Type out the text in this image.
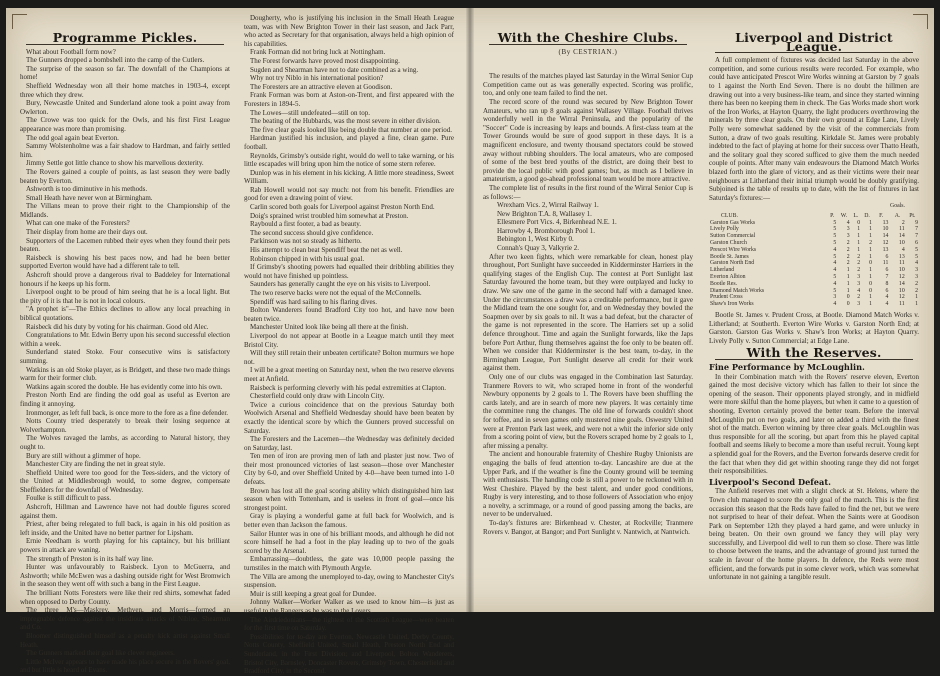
Programme Pickles.

What about Football form now?

The Gunners dropped a bombshell into the camp of the Cutlers.

The surprise of the season so far. The downfall of the Champions at home!

Sheffield Wednesday won all their home matches in 1903-4, except three which they drew.

Bury, Newcastle United and Sunderland alone took a point away from Owlerton.

The Crowe was too quick for the Owls, and his first First League appearance was more than promising.

The odd goal again beat Everton.

Sammy Wolstenholme was a fair shadow to Hardman, and fairly settled him.

Jimmy Settle got little chance to show his marvellous dexterity.

The Rovers gained a couple of points, as last season they were badly beaten by Everton.

Ashworth is too diminutive in his methods.

Small Heath have never won at Birmingham.

The Villans mean to prove their right to the Championship of the Midlands.

What can one make of the Foresters?

Their display from home are their days out.

Supporters of the Lacemen rubbed their eyes when they found their pets beaten.

Raisbeck is showing his best paces now, and had he been better supported Everton would have had a different tale to tell.

Ashcroft should prove a dangerous rival to Baddeley for International honours if he keeps up his form.

Liverpool ought to be proud of him seeing that he is a local light. But the pity of it is that he is not in local colours.

"A prophet is"—The Ethics declines to allow any local preaching in biblical quotations.

Raisbeck did his duty by voting for his chairman. Good old Alec.

Congratulations to Mr. Edwin Berry upon his second successful election within a week.

Sunderland stated Stoke. Four consecutive wins is satisfactory summing.

Watkins is an old Stoke player, as is Bridgett, and these two made things warm for their former club.

Watkins again scored the double. He has evidently come into his own.

Preston North End are finding the odd goal as useful as Everton are finding it annoying.

Ironmonger, as left full back, is once more to the fore as a fine defender.

Notts County tried desperately to break their losing sequence at Wolverhampton.

The Wolves ravaged the lambs, as according to Natural history, they ought to.

Bury are still without a glimmer of hope.

Manchester City are finding the net in great style.

Sheffield United were too good for the Tees-siders, and the victory of the United at Middlesbrough would, to some degree, compensate Sheffielders for the downfall of Wednesday.

Foulke is still difficult to pass.

Ashcroft, Hillman and Lawrence have not had double figures scored against them.

Priest, after being relegated to full back, is again in his old position as left inside, and the United have no better partner for Lipsham.

Ernie Needham is worth playing for his captaincy, but his brilliant powers in attack are waning.

The strength of Preston is in its half way line.

Hunter was unfavourably to Raisbeck. Lyon to McGuerra, and Ashworth; while McEwen was a dashing outside right for West Bromwich in the season they went off with such a bang in the First League.

The brilliant Notts Foresters were like their red shirts, somewhat faded when opposed to Derby County.

The three M's—Maskrey, Methven, and Morris—formed an impregnable defence against the insidious attacks of Nibloe, Shearman and Co.

Bloomer distinguished himself as a penalty kick artist against Small Heath.

The Gunners marked their goal like clever engineers.

Little McIver appears to have made his place secure in the Rovers' goal, and but little is heard of Evans.

Dougherty, who is justifying his inclusion in the Small Heath League team, was with New Brighton Tower in their last season, and Jack Parr, who acted as Secretary for that organisation, always held a high opinion of his capabilities.

Frank Forman did not bring luck at Nottingham.

The Forest forwards have proved most disappointing.

Sugden and Shearman have not to date combined as a wing.

Why not try Niblo in his international position?

The Foresters are an attractive eleven at Goodison.

Frank Forman was born at Aston-on-Trent, and first appeared with the Foresters in 1894-5.

The Lowes—still undefeated—still on top.

The beating of the Hubbards, was the most severe in either division.

The five clear goals looked like being double that number at one period.

Hardman justified his inclusion, and played a fine, clean game. Pure football.

Reynolds, Grimsby's outside right, would do well to take warning, or his little escapades will bring upon him the notice of some stern referee.

Dunlop was in his element in his kicking. A little more steadiness, Sweet William.

Rab Howell would not say much: not from his benefit. Friendlies are good for even a drawing point of view.

Carlin scored both goals for Liverpool against Preston North End.

Doig's sprained wrist troubled him somewhat at Preston.

Raybould a first footer, a bad as beauty.

The second success should give confidence.

Parkinson was not so steady as hitherto.

His attempt to clean beat Spendiff beat the net as well.

Robinson chipped in with his usual goal.

If Grimsby's shooting powers had equalled their dribbling abilities they would not have finished up pointless.

Saunders has generally caught the eye on his visits to Liverpool.

The two reserve backs were not the equal of the McConnells.

Spendiff was hard sailing to his flaring dives.

Bolton Wanderers found Bradford City too hot, and have now been beaten twice.

Manchester United look like being all there at the finish.

Liverpool do not appear at Bootle in a League match until they meet Bristol City.

Will they still retain their unbeaten certificate? Bolton murmurs we hope not.

I will be a great meeting on Saturday next, when the two reserve elevens meet at Anfield.

Raisbeck is performing cleverly with his pedal extremities at Clapton.

Chesterfield could only draw with Lincoln City.

Twice a curious coincidence that on the previous Saturday both Woolwich Arsenal and Sheffield Wednesday should have been beaten by exactly the identical score by which the Gunners proved successful on Saturday.

The Foresters and the Lacemen—the Wednesday was definitely decided on Saturday, last.

Ten men of iron are proving men of lath and plaster just now. Two of their most pronounced victories of last season—those over Manchester City by 6-0, and over Sheffield United by 4-0—have been turned into 1-0 defeats.

Brown has lost all the goal scoring ability which distinguished him last season when with Tottenham, and is useless in front of goal—once his strongest point.

Gray is playing a wonderful game at full back for Woolwich, and is better even than Jackson the famous.

Sailor Hunter was in one of his brilliant moods, and although he did not score himself he had a foot in the play leading up to two of the goals scored by the Arsenal.

Embarrassing—doubtless, the gate was 10,000 people passing the turnstiles in the match with Plymouth Argyle.

The Villa are among the unemployed to-day, owing to Manchester City's suspension.

Muir is still keeping a great goal for Dundee.

Johnny Walker—Worker Walker as we used to know him—is just as useful to the Rangers as he was to the Lovers.

The Airdriedonians—the tightest of the Scottish League—were beaten for the first time on Saturday.

Possibilities for to-day are Everton, Newcastle United, Derby County, Notts County, Sheffield United, Small Heath, Preston North End and Sunderland, in the First Division; and Liverpool, Bolton Wanderers, Bristol City, Barnsley, Doncaster Rovers, Grimsby Town, Chesterfield and Bradford City, in the Second.

With the Cheshire Clubs.
(By CESTRIAN.)

The results of the matches played last Saturday in the Wirral Senior Cup Competition came out as was generally expected. Scoring was prolific, too, and only one team failed to find the net.

The record score of the round was secured by New Brighton Tower Amateurs, who ran up 8 goals against Wallasey Village. Football thrives wonderfully well in the Wirral Peninsula, and the popularity of the "Soccer" Code is increasing by leaps and bounds. A first-class team at the Tower Grounds would be sure of good support in these days. It is a magnificent enclosure, and twenty thousand spectators could be stowed away without rubbing shoulders. The local amateurs, who are composed of some of the best bred youths of the district, are doing their best to provide the local public with good games; but, as much as I believe in amateurism, a good go-ahead professional team would be more attractive.

The complete list of results in the first round of the Wirral Senior Cup is as follows:—

Wrexham Vics. 2, Wirral Railway 1.

New Brighton T.A. 8, Wallasey 1.

Ellesmere Port Vics. 4, Birkenhead N.E. 1.

Harrowby 4, Bromborough Pool 1.

Bebington 1, West Kirby 0.

Connah's Quay 3, Valkyrie 2.

After two keen fights, which were remarkable for clean, honest play throughout, Port Sunlight have succeeded in Kidderminster Harriers in the qualifying stages of the English Cup. The contest at Port Sunlight last Saturday favoured the home team, but they were outplayed and lucky to draw. We saw one of the game in the second half with a damaged knee. Under the circumstances a draw was a creditable performance, but it gave the Midland team the one sought for, and on Wednesday they bowled the Soapmen over by six goals to nil. It was a bad defeat, but the character of the game is not represented in the score. The Harriers set up a solid defence throughout. Time and again the Sunlight forwards, like the Japs before Port Arthur, flung themselves against the foe only to be beaten off. When we consider that Kidderminster is the best team, to-day, in the Birmingham League, Port Sunlight deserve all credit for their work against them.

Only one of our clubs was engaged in the Combination last Saturday. Tranmere Rovers to wit, who scraped home in front of the wonderful Newbury opponents by 2 goals to 1. The Rovers have been shuffling the cards lately, and are in search of more new players. It was certainly time the committee rung the changes. The old line of forwards couldn't shoot for toffee, and in seven games only mustered nine goals. Oswestry United were at Prenton Park last week, and were not a whit the inferior side only from a scoring point of view, but the Rovers scraped home by 2 goals to 1, after missing a penalty.

The ancient and honourable fraternity of Cheshire Rugby Unionists are engaging the balls of feud attention to-day. Lancashire are due at the Upper Park, and if the weather is fine the County ground will be teeming with enthusiasts. The handling code is still a power to be reckoned with in West Cheshire. Played by the best talent, and under good conditions, Rugby is very interesting, and to those followers of Association who enjoy a novelty, a scrimmage, or a round of good passing among the backs, are never to be undervalued.

To-day's fixtures are: Birkenhead v. Chester, at Rockville; Tranmere Rovers v. Bangor, at Bangor; and Port Sunlight v. Nantwich, at Nantwich.

Liverpool and District League.

A full complement of fixtures was decided last Saturday in the above competition, and some curious results were recorded. For example, who could have anticipated Prescot Wire Works winning at Garston by 7 goals to 1 against the North End Seven. There is no doubt the hillmen are drawing out into a very business-like team, and since they started winning there has been no keeping them in check. The Gas Works made short work of the Iron Works, at Hayton Quarry, the light producers overthrowing the minerals by three clear goals. On their own ground at Edge Lane, Lively Polly were somewhat saddened by the visit of the commercials from Sutton, a draw of two goals resulting. Kirkdale St. James were probably indebted to the fact of playing at home for their success over Thatto Heath, and the solitary goal they scored sufficed to give them the much needed couple of points. After many vain endeavours the Diamond Match Works blazed forth into the glare of victory, and as their victims were their near neighbours at Litherland their initial triumph would be doubly gratifying. Subjoined is the table of results up to date, with the list of fixtures in last Saturday's fixtures:—

Goals.
CLUB.	P.	W.	L.	D.	F.	A.	Pt.
Garston Gas Works	5	4	0	1	13	2	9
Lively Polly	5	3	1	1	10	11	7
Sutton Commercial	5	3	1	1	14	14	7
Garston Church	5	2	1	2	12	10	6
Prescot Wire Works	4	2	1	1	13	4	5
Bootle St. James	5	2	2	1	6	13	5
Garston North End	4	2	2	0	11	11	4
Litherland	4	1	2	1	6	10	3
Everton Albion	5	1	3	1	7	12	3
Bootle Res.	4	1	3	0	8	14	2
Diamond Match Works	5	1	4	0	6	10	2
Prudent Cross	3	0	2	1	4	12	1
Shaw's Iron Works	4	0	3	1	4	11	1

Bootle St. James v. Prudent Cross, at Bootle. Diamond Match Works v. Litherland; at Southerth. Everton Wire Works v. Garston North End; at Garston. Garston Gas Works v. Shaw's Iron Works; at Hayton Quarry. Lively Polly v. Sutton Commercial; at Edge Lane.

With the Reserves.
Fine Performance by McLoughlin.

In their Combination match with the Rovers' reserve eleven, Everton gained the most decisive victory which has fallen to their lot since the opening of the season. Their opponents played strongly, and in midfield were more skilful than the home players, but when it came to a question of shooting, Everton certainly proved the better team. Before the interval McLoughlin put on two goals, and later on added a third with the finest shot of the match. Everton winning by three clear goals. McLoughlin was thus responsible for all the scoring, but apart from this he played capital football and seems likely to become a more than useful recruit. Young kept a splendid goal for the Rovers, and the Everton forwards deserve credit for the fact that when they did get within shooting range they did not forget their responsibilities.

Liverpool's Second Defeat.

The Anfield reserves met with a slight check at St. Helens, where the Town club managed to score the only goal of the match. This is the first occasion this season that the Reds have failed to find the net, but we were not surprised to hear of their defeat. When the Saints were at Goodison Park on September 12th they played a hard game, and were unlucky in being beaten. On their own ground we fancy they will play very successfully, and Liverpool did well to run them so close. There was little to choose between the teams, and the advantage of ground just turned the scale in favour of the home players. In defence, the Reds were most efficient, and the forwards put in some clever work, which was somewhat unfortunate in not gaining a tangible result.
